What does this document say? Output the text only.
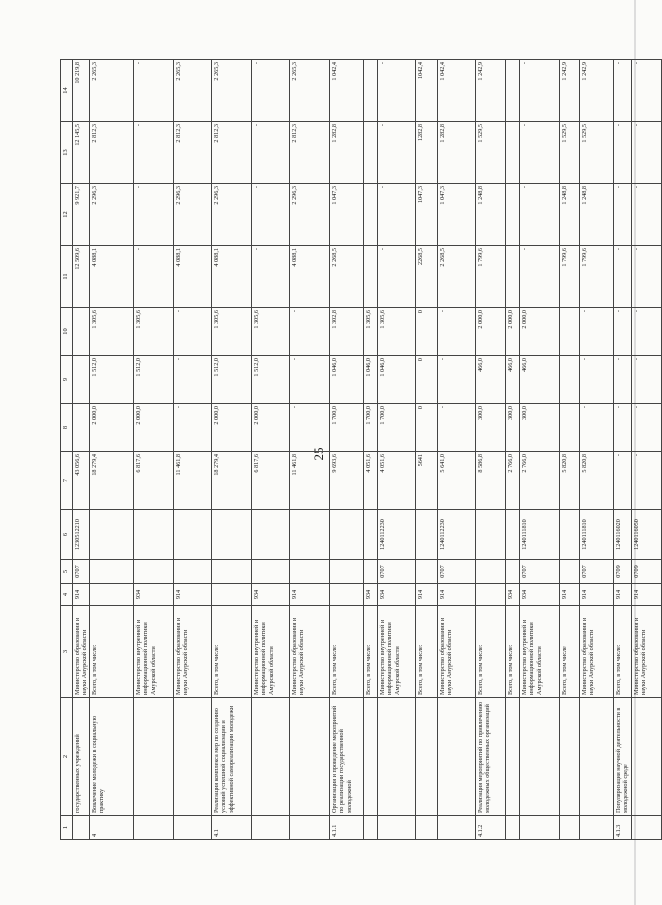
25
1	2	3	4	5	6	7	8	9	10	11	12	13	14
	государственных учреждений	Министерство образования и науки Амурской области	914	0707	1230512210	43 056,6				12 509,6	9 921,7	12 145,5	10 219,8
4	Вовлечение молодежи в социальную практику	Всего, в том числе:				18 279,4	2 000,0	1 512,0	1 305,6	4 088,1	2 296,3	2 812,3	2 265,3
		Министерство внутренней и информационной политики Амурской области	934			6 817,6	2 000,0	1 512,0	1 305,6	-	-	-	-
		Министерство образования и науки Амурской области	914			11 461,8	-	-	-	4 088,1	2 296,3	2 812,3	2 265,3
4.1	Реализация комплекса мер по созданию условий успешной социализации и эффективной самореализации молодежи	Всего, в том числе:				18 279,4	2 000,0	1 512,0	1 305,6	4 088,1	2 296,3	2 812,3	2 265,3
		Министерство внутренней и информационной политики Амурской области	934			6 817,6	2 000,0	1 512,0	1 305,6	-	-	-	-
		Министерство образования и науки Амурской области	914			11 461,8	-	-	-	4 088,1	2 296,3	2 812,3	2 265,3
4.1.1	Организация и проведение мероприятий по реализации государственной молодежной	Всего, в том числе:				9 693,6	1 700,0	1 046,0	1 302,8	2 268,5	1 047,3	1 282,8	1 042,4
		Всего, в том числе:	934			4 051,6	1 700,0	1 046,0	1 305,6				
		Министерство внутренней и информационной политики Амурской области	934	0707	1240112230	4 051,6	1 700,0	1 046,0	1 305,6	-	-	-	-
		Всего, в том числе:	914			5641	0	0	0	2268,5	1047,3	1282,8	1042,4
		Министерство образования и науки Амурской области	914	0707	1240112230	5 641,0	-	-	-	2 268,5	1 047,3	1 282,8	1 042,4
4.1.2	Реализация мероприятий по привлечению молодежных общественных организаций	Всего, в том числе:				8 586,8	300,0	466,0	2 000,0	1 799,6	1 248,8	1 529,5	1 242,9
		Всего, в том числе:	934			2 766,0	300,0	466,0	2 000,0				
		Министерство внутренней и информационной политики Амурской области	934	0707	1240111810	2 766,0	300,0	466,0	2 000,0	-	-	-	-
		Всего, в том числе	914			5 820,8				1 799,6	1 248,8	1 529,5	1 242,9
		Министерство образования и науки Амурской области	914	0707	1240111810	5 820,8	-	-	-	1 799,6	1 248,8	1 529,5	1 242,9
4.1.3	Популяризация научной деятельности в молодежной среде	Всего, в том числе:	914	0709	1240116020	-	-	-	-	-	-	-	-
		Министерство образования и науки Амурской области	914	0709	1240116050	-	-	-	-	-	-	-	-
